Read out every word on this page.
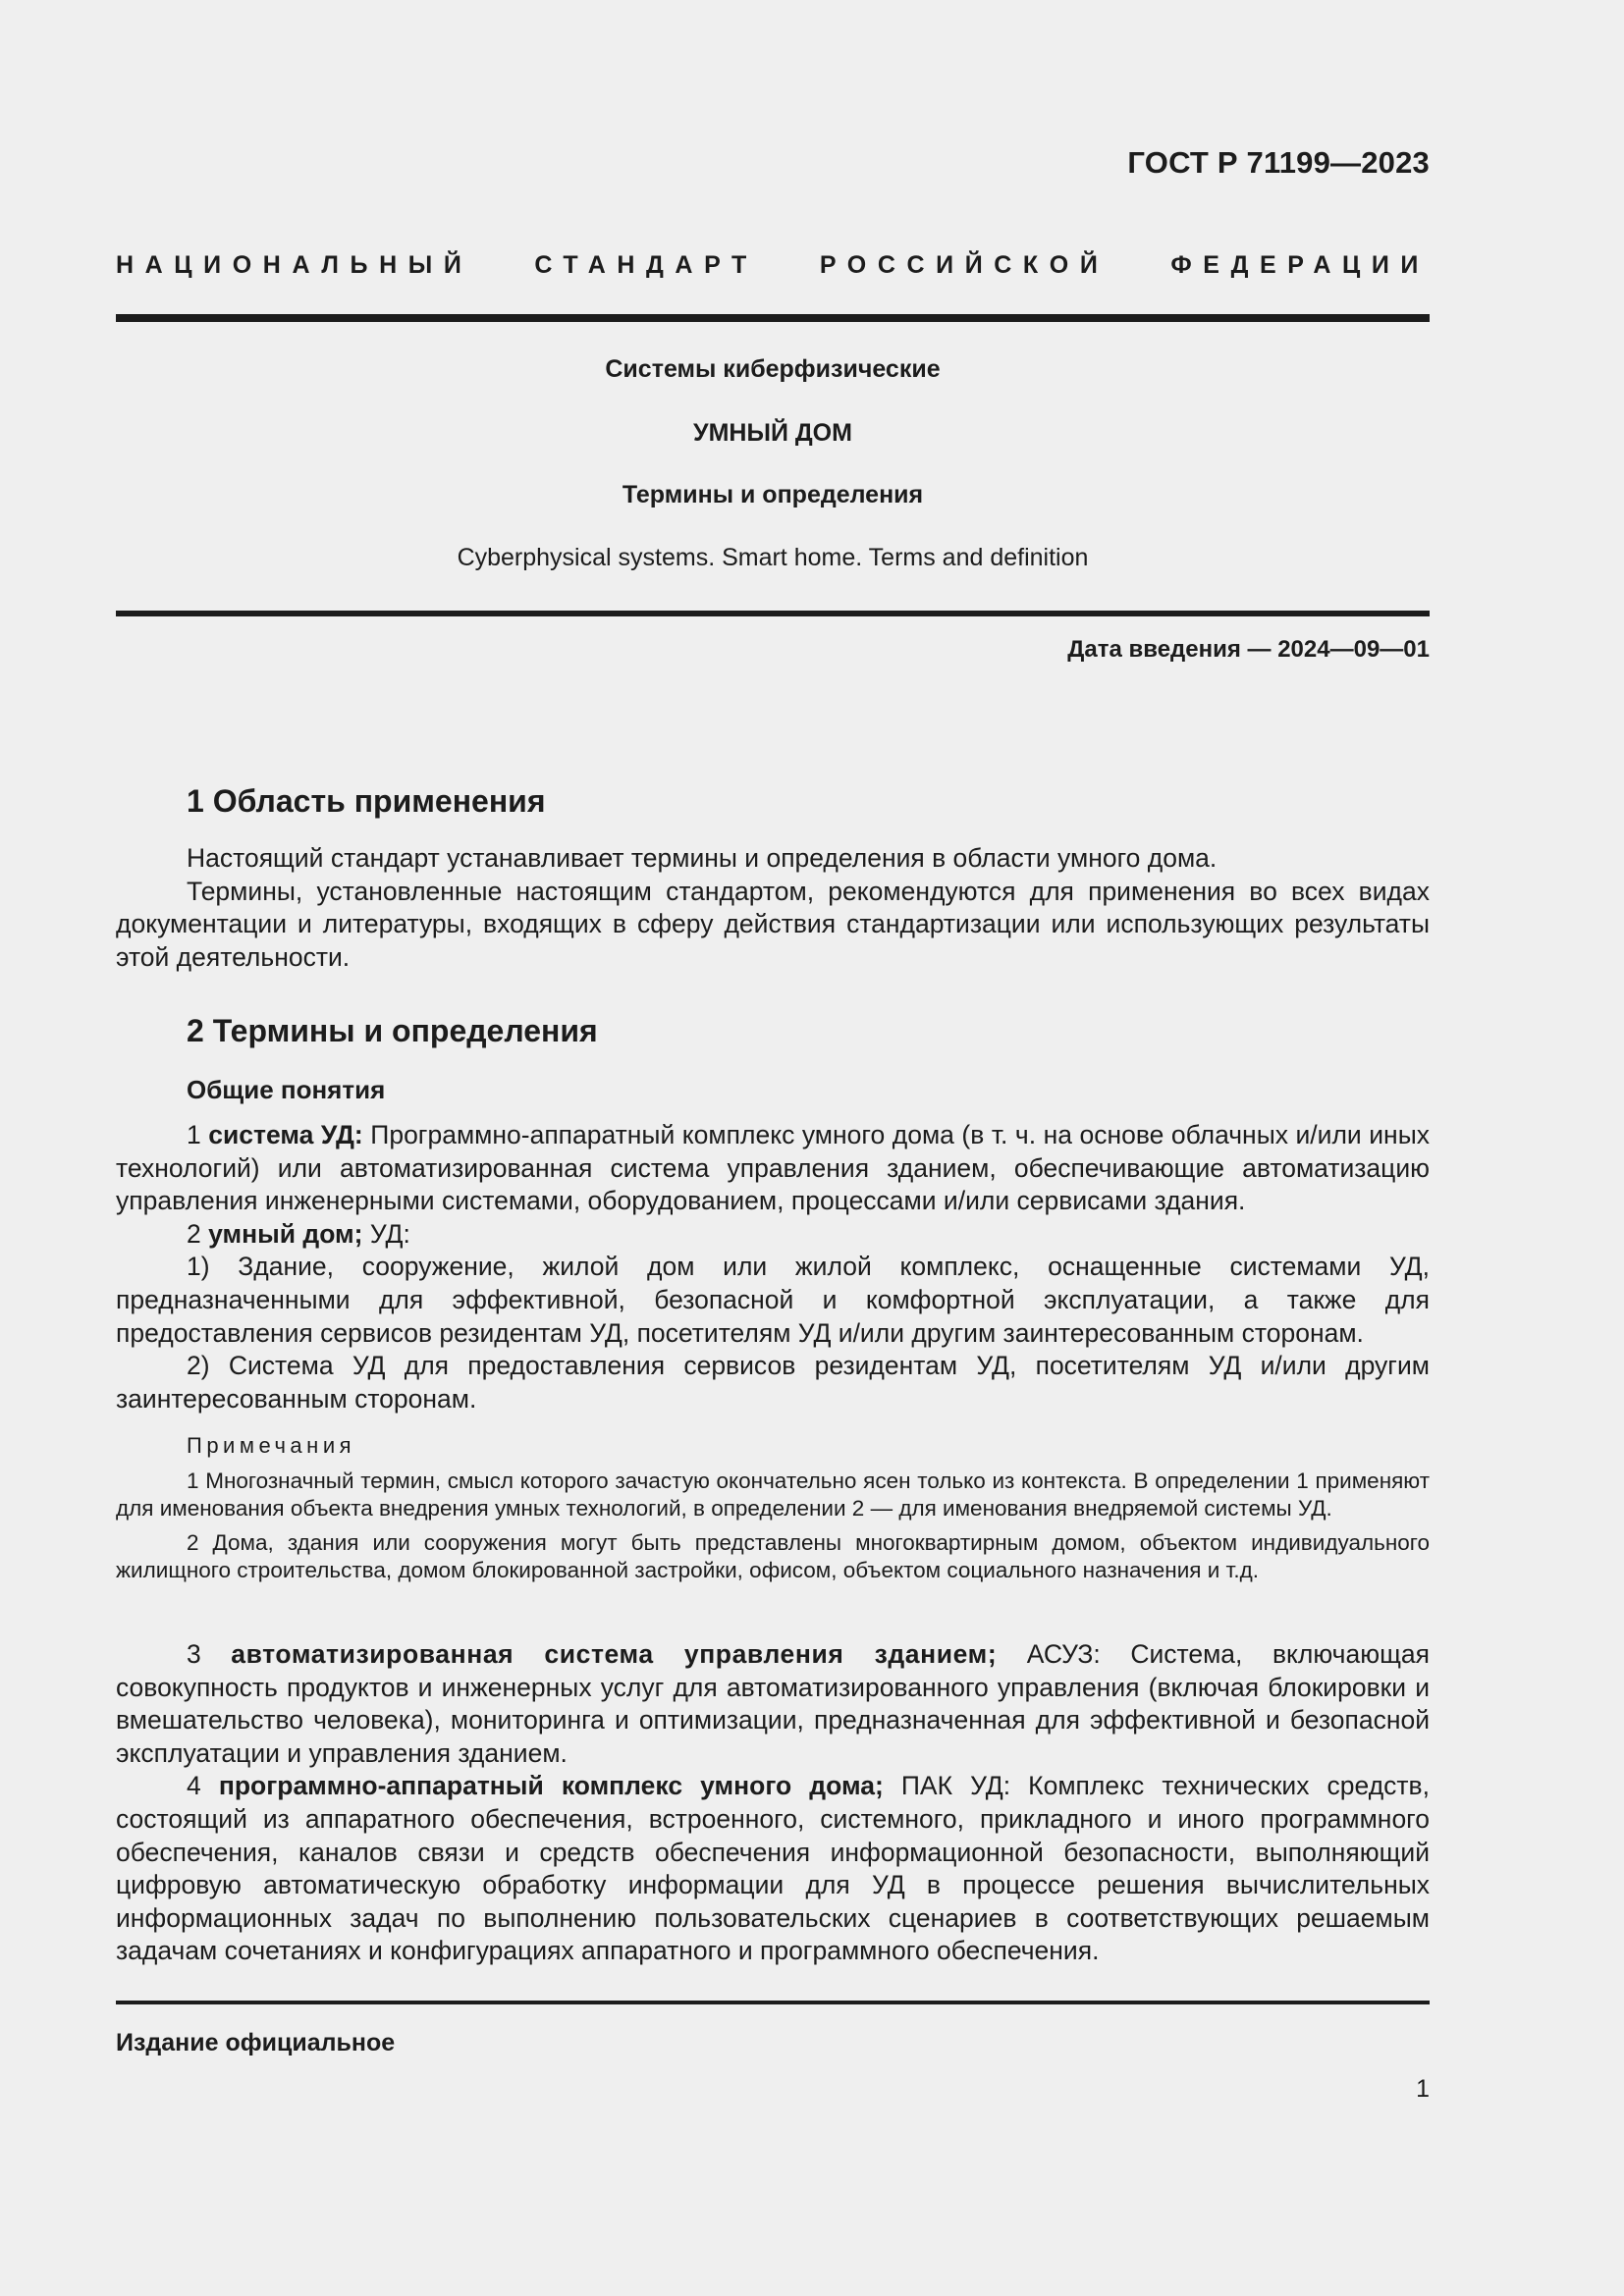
ГОСТ Р 71199—2023
НАЦИОНАЛЬНЫЙ СТАНДАРТ РОССИЙСКОЙ ФЕДЕРАЦИИ
Системы киберфизические
УМНЫЙ ДОМ
Термины и определения
Cyberphysical systems. Smart home. Terms and definition
Дата введения — 2024—09—01
1 Область применения

Настоящий стандарт устанавливает термины и определения в области умного дома.

Термины, установленные настоящим стандартом, рекомендуются для применения во всех видах документации и литературы, входящих в сферу действия стандартизации или использующих результаты этой деятельности.

2 Термины и определения
Общие понятия

1 система УД: Программно-аппаратный комплекс умного дома (в т. ч. на основе облачных и/или иных технологий) или автоматизированная система управления зданием, обеспечивающие автоматизацию управления инженерными системами, оборудованием, процессами и/или сервисами здания.

2 умный дом; УД:

1) Здание, сооружение, жилой дом или жилой комплекс, оснащенные системами УД, предназначенными для эффективной, безопасной и комфортной эксплуатации, а также для предоставления сервисов резидентам УД, посетителям УД и/или другим заинтересованным сторонам.

2) Система УД для предоставления сервисов резидентам УД, посетителям УД и/или другим заинтересованным сторонам.

Примечания

1 Многозначный термин, смысл которого зачастую окончательно ясен только из контекста. В определении 1 применяют для именования объекта внедрения умных технологий, в определении 2 — для именования внедряемой системы УД.

2 Дома, здания или сооружения могут быть представлены многоквартирным домом, объектом индивидуального жилищного строительства, домом блокированной застройки, офисом, объектом социального назначения и т.д.

3 автоматизированная система управления зданием; АСУЗ: Система, включающая совокупность продуктов и инженерных услуг для автоматизированного управления (включая блокировки и вмешательство человека), мониторинга и оптимизации, предназначенная для эффективной и безопасной эксплуатации и управления зданием.

4 программно-аппаратный комплекс умного дома; ПАК УД: Комплекс технических средств, состоящий из аппаратного обеспечения, встроенного, системного, прикладного и иного программного обеспечения, каналов связи и средств обеспечения информационной безопасности, выполняющий цифровую автоматическую обработку информации для УД в процессе решения вычислительных информационных задач по выполнению пользовательских сценариев в соответствующих решаемым задачам сочетаниях и конфигурациях аппаратного и программного обеспечения.

Издание официальное
1
